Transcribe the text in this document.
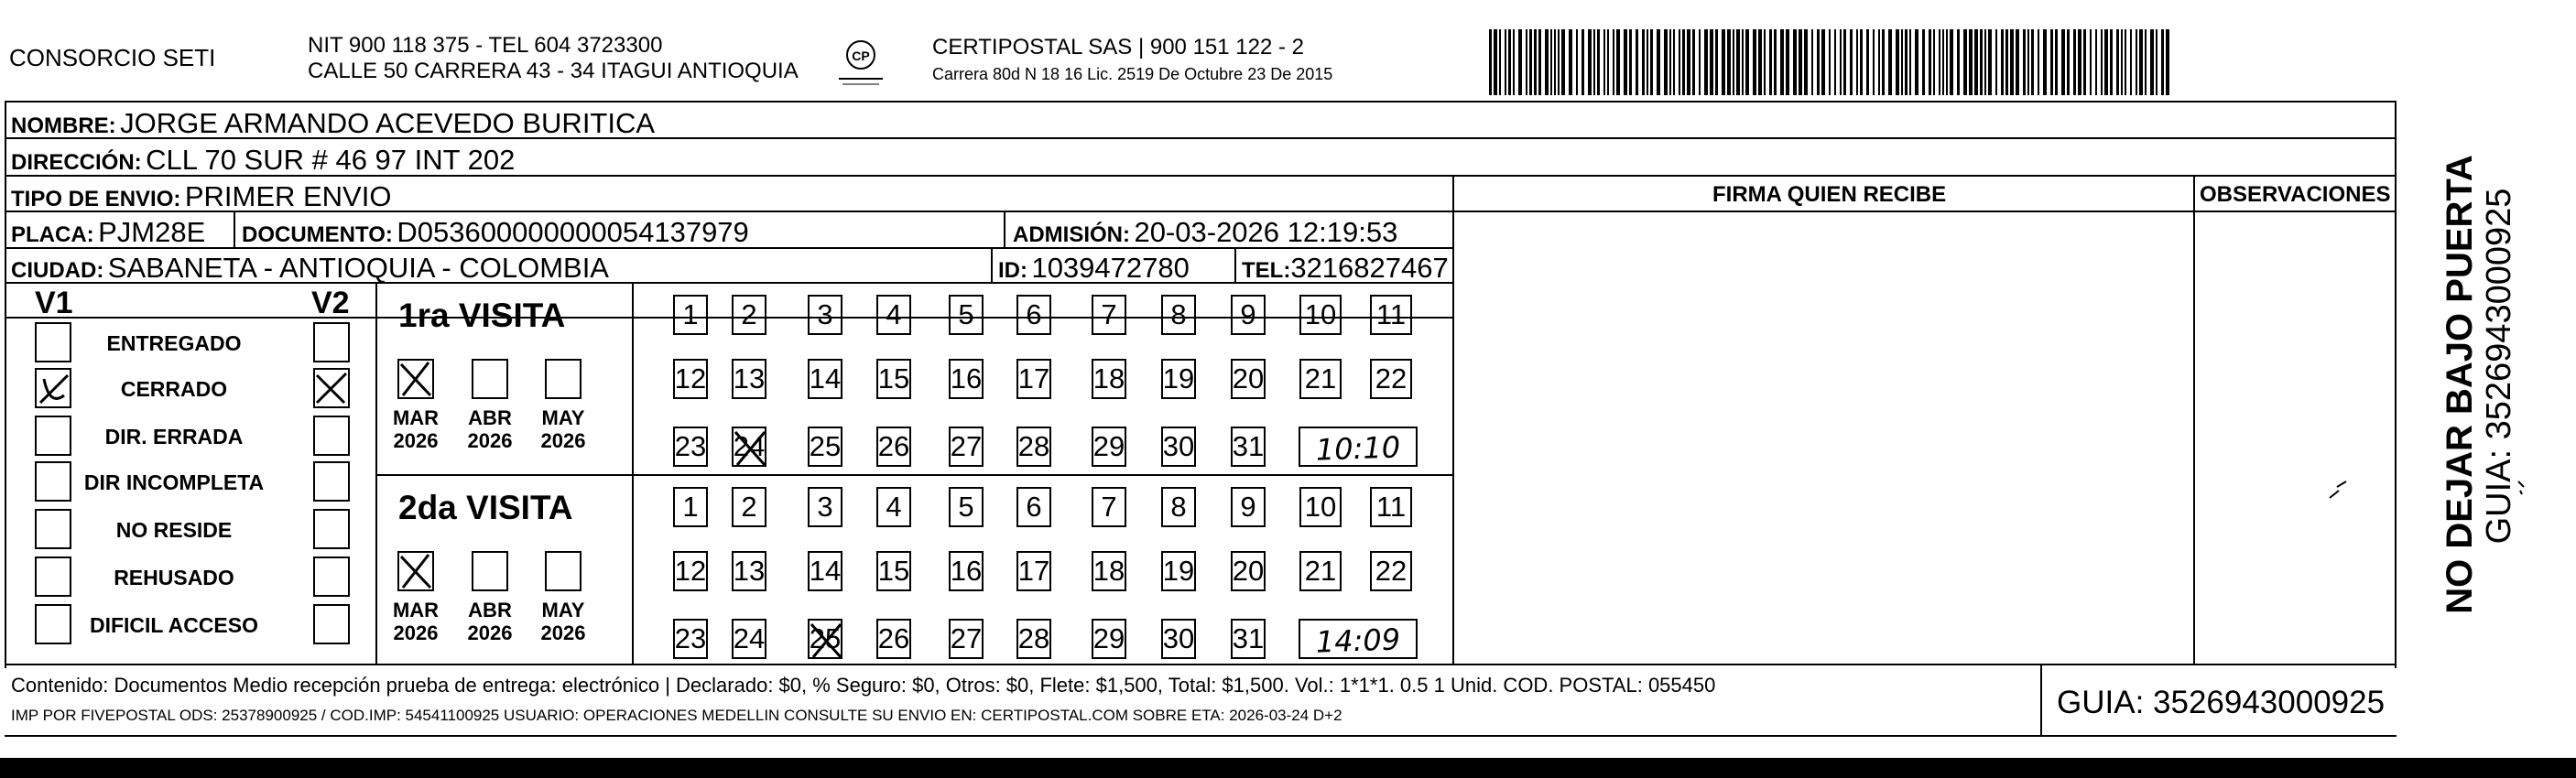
CONSORCIO SETI	NIT 900 118 375 - TEL 604 3723300
CALLE 50 CARRERA 43 - 34 ITAGUI ANTIOQUIA
CP	CERTIPOSTAL SAS | 900 151 122 - 2
Carrera 80d N 18 16 Lic. 2519 De Octubre 23 De 2015
NOMBRE: JORGE ARMANDO ACEVEDO BURITICA
DIRECCIÓN: CLL 70 SUR # 46 97 INT 202
TIPO DE ENVIO: PRIMER ENVIO
PLACA: PJM28E DOCUMENTO: D053600000000054137979	ADMISIÓN: 20-03-2026 12:19:53
CIUDAD: SABANETA - ANTIOQUIA - COLOMBIA	ID: 1039472780 TEL:3216827467
FIRMA QUIEN RECIBE	OBSERVACIONES
V1	V2
ENTREGADO
CERRADO
DIR. ERRADA
DIR INCOMPLETA
NO RESIDE
REHUSADO
DIFICIL ACCESO
1ra VISITA
MAR
2026
ABR
2026
MAY
2026
1	2	3	4	5	6	7	8	9	10 11
12 13 14 15 16 17 18 19 20 21 22
23 24 25 26 27 28 29 30 31 10:10
2da VISITA
MAR
2026
ABR
2026
MAY
2026
1	2	3	4	5	6	7	8	9	10 11
12 13 14 15 16 17 18 19 20 21 22
23 24 25 26 27 28 29 30 31 14:09
NO DEJAR BAJO PUERTA GUIA: 3526943000925
Contenido: Documentos Medio recepción prueba de entrega: electrónico | Declarado: $0, % Seguro: $0, Otros: $0, Flete: $1,500, Total: $1,500. Vol.: 1*1*1. 0.5 1 Unid. COD. POSTAL: 055450
IMP POR FIVEPOSTAL ODS: 25378900925 / COD.IMP: 54541100925 USUARIO: OPERACIONES MEDELLIN CONSULTE SU ENVIO EN: CERTIPOSTAL.COM SOBRE ETA: 2026-03-24 D+2	GUIA: 3526943000925
